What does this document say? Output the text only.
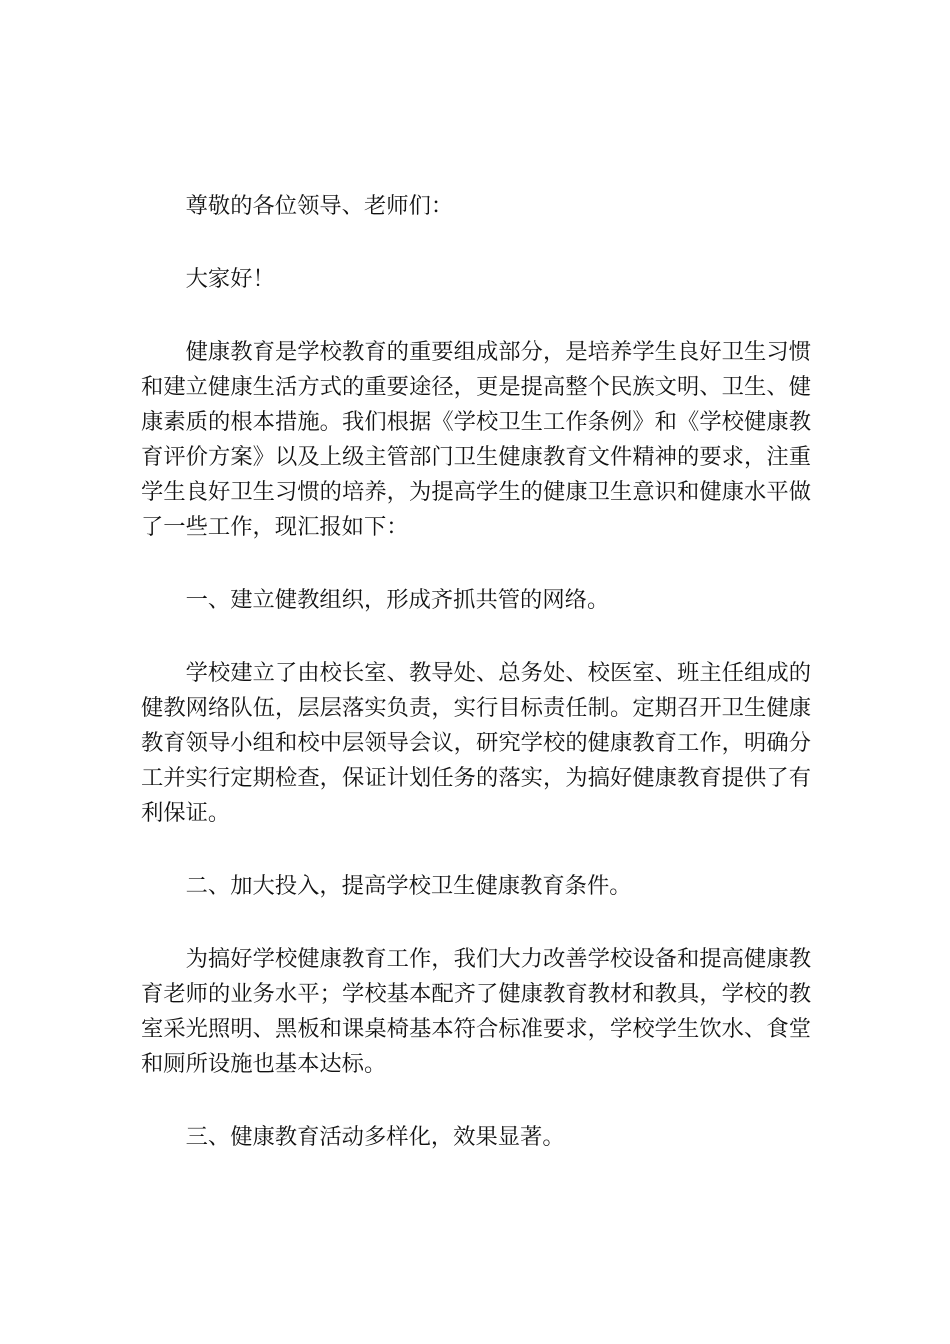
尊敬的各位领导、老师们：

大家好！

健康教育是学校教育的重要组成部分，是培养学生良好卫生习惯和建立健康生活方式的重要途径，更是提高整个民族文明、卫生、健康素质的根本措施。我们根据《学校卫生工作条例》和《学校健康教育评价方案》以及上级主管部门卫生健康教育文件精神的要求，注重学生良好卫生习惯的培养，为提高学生的健康卫生意识和健康水平做了一些工作，现汇报如下：

一、建立健教组织，形成齐抓共管的网络。

学校建立了由校长室、教导处、总务处、校医室、班主任组成的健教网络队伍，层层落实负责，实行目标责任制。定期召开卫生健康教育领导小组和校中层领导会议，研究学校的健康教育工作，明确分工并实行定期检查，保证计划任务的落实，为搞好健康教育提供了有利保证。

二、加大投入，提高学校卫生健康教育条件。

为搞好学校健康教育工作，我们大力改善学校设备和提高健康教育老师的业务水平；学校基本配齐了健康教育教材和教具，学校的教室采光照明、黑板和课桌椅基本符合标准要求，学校学生饮水、食堂和厕所设施也基本达标。

三、健康教育活动多样化，效果显著。
